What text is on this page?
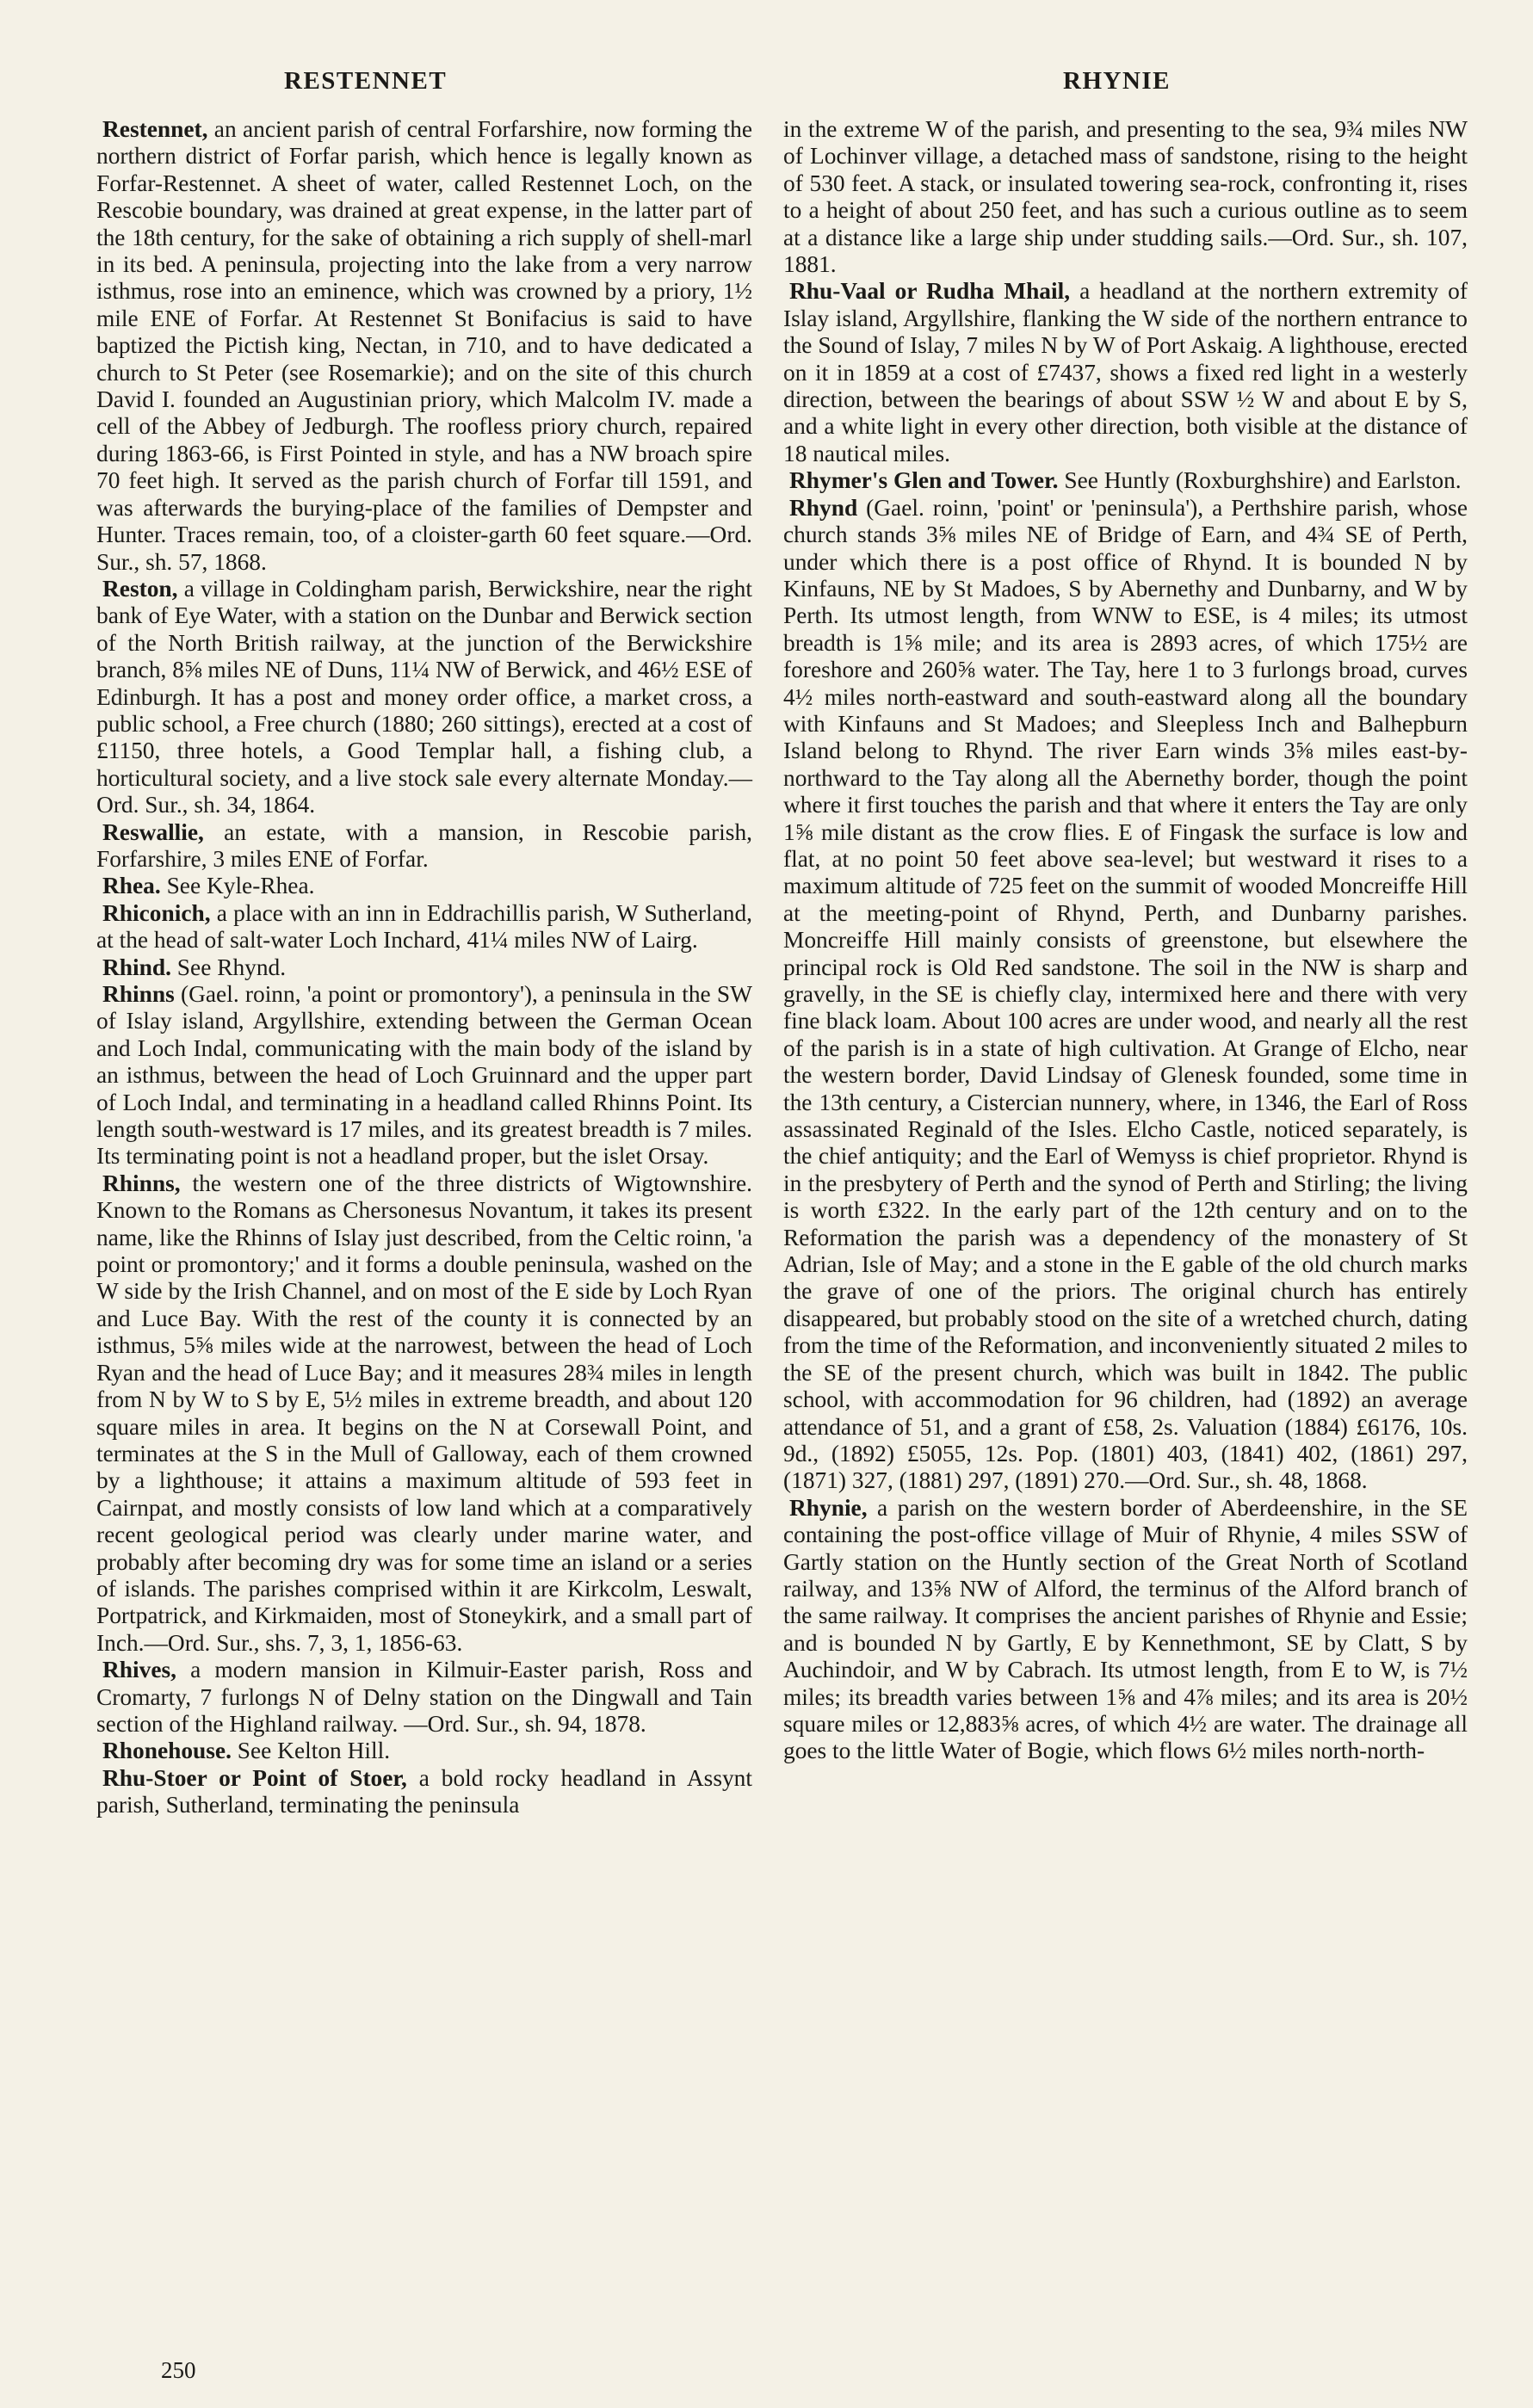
RESTENNET	RHYNIE

Restennet, an ancient parish of central Forfarshire, now forming the northern district of Forfar parish, which hence is legally known as Forfar-Restennet. A sheet of water, called Restennet Loch, on the Rescobie boundary, was drained at great expense, in the latter part of the 18th century, for the sake of obtaining a rich supply of shell-marl in its bed. A peninsula, projecting into the lake from a very narrow isthmus, rose into an eminence, which was crowned by a priory, 1½ mile ENE of Forfar. At Restennet St Bonifacius is said to have baptized the Pictish king, Nectan, in 710, and to have dedicated a church to St Peter (see Rosemarkie); and on the site of this church David I. founded an Augustinian priory, which Malcolm IV. made a cell of the Abbey of Jedburgh. The roofless priory church, repaired during 1863-66, is First Pointed in style, and has a NW broach spire 70 feet high. It served as the parish church of Forfar till 1591, and was afterwards the burying-place of the families of Dempster and Hunter. Traces remain, too, of a cloister-garth 60 feet square.—Ord. Sur., sh. 57, 1868.

Reston, a village in Coldingham parish, Berwickshire, near the right bank of Eye Water, with a station on the Dunbar and Berwick section of the North British railway, at the junction of the Berwickshire branch, 8⅝ miles NE of Duns, 11¼ NW of Berwick, and 46½ ESE of Edinburgh. It has a post and money order office, a market cross, a public school, a Free church (1880; 260 sittings), erected at a cost of £1150, three hotels, a Good Templar hall, a fishing club, a horticultural society, and a live stock sale every alternate Monday.—Ord. Sur., sh. 34, 1864.

Reswallie, an estate, with a mansion, in Rescobie parish, Forfarshire, 3 miles ENE of Forfar.

Rhea. See Kyle-Rhea.

Rhiconich, a place with an inn in Eddrachillis parish, W Sutherland, at the head of salt-water Loch Inchard, 41¼ miles NW of Lairg.

Rhind. See Rhynd.

Rhinns (Gael. roinn, 'a point or promontory'), a peninsula in the SW of Islay island, Argyllshire, extending between the German Ocean and Loch Indal, communicating with the main body of the island by an isthmus, between the head of Loch Gruinnard and the upper part of Loch Indal, and terminating in a headland called Rhinns Point. Its length south-westward is 17 miles, and its greatest breadth is 7 miles. Its terminating point is not a headland proper, but the islet Orsay.

Rhinns, the western one of the three districts of Wigtownshire. Known to the Romans as Chersonesus Novantum, it takes its present name, like the Rhinns of Islay just described, from the Celtic roinn, 'a point or promontory;' and it forms a double peninsula, washed on the W side by the Irish Channel, and on most of the E side by Loch Ryan and Luce Bay. With the rest of the county it is connected by an isthmus, 5⅝ miles wide at the narrowest, between the head of Loch Ryan and the head of Luce Bay; and it measures 28¾ miles in length from N by W to S by E, 5½ miles in extreme breadth, and about 120 square miles in area. It begins on the N at Corsewall Point, and terminates at the S in the Mull of Galloway, each of them crowned by a lighthouse; it attains a maximum altitude of 593 feet in Cairnpat, and mostly consists of low land which at a comparatively recent geological period was clearly under marine water, and probably after becoming dry was for some time an island or a series of islands. The parishes comprised within it are Kirkcolm, Leswalt, Portpatrick, and Kirkmaiden, most of Stoneykirk, and a small part of Inch.—Ord. Sur., shs. 7, 3, 1, 1856-63.

Rhives, a modern mansion in Kilmuir-Easter parish, Ross and Cromarty, 7 furlongs N of Delny station on the Dingwall and Tain section of the Highland railway. —Ord. Sur., sh. 94, 1878.

Rhonehouse. See Kelton Hill.

Rhu-Stoer or Point of Stoer, a bold rocky headland in Assynt parish, Sutherland, terminating the peninsula

in the extreme W of the parish, and presenting to the sea, 9¾ miles NW of Lochinver village, a detached mass of sandstone, rising to the height of 530 feet. A stack, or insulated towering sea-rock, confronting it, rises to a height of about 250 feet, and has such a curious outline as to seem at a distance like a large ship under studding sails.—Ord. Sur., sh. 107, 1881.

Rhu-Vaal or Rudha Mhail, a headland at the northern extremity of Islay island, Argyllshire, flanking the W side of the northern entrance to the Sound of Islay, 7 miles N by W of Port Askaig. A lighthouse, erected on it in 1859 at a cost of £7437, shows a fixed red light in a westerly direction, between the bearings of about SSW ½ W and about E by S, and a white light in every other direction, both visible at the distance of 18 nautical miles.

Rhymer's Glen and Tower. See Huntly (Roxburghshire) and Earlston.

Rhynd (Gael. roinn, 'point' or 'peninsula'), a Perthshire parish, whose church stands 3⅝ miles NE of Bridge of Earn, and 4¾ SE of Perth, under which there is a post office of Rhynd. It is bounded N by Kinfauns, NE by St Madoes, S by Abernethy and Dunbarny, and W by Perth. Its utmost length, from WNW to ESE, is 4 miles; its utmost breadth is 1⅝ mile; and its area is 2893 acres, of which 175½ are foreshore and 260⅝ water. The Tay, here 1 to 3 furlongs broad, curves 4½ miles north-eastward and south-eastward along all the boundary with Kinfauns and St Madoes; and Sleepless Inch and Balhepburn Island belong to Rhynd. The river Earn winds 3⅝ miles east-by-northward to the Tay along all the Abernethy border, though the point where it first touches the parish and that where it enters the Tay are only 1⅝ mile distant as the crow flies. E of Fingask the surface is low and flat, at no point 50 feet above sea-level; but westward it rises to a maximum altitude of 725 feet on the summit of wooded Moncreiffe Hill at the meeting-point of Rhynd, Perth, and Dunbarny parishes. Moncreiffe Hill mainly consists of greenstone, but elsewhere the principal rock is Old Red sandstone. The soil in the NW is sharp and gravelly, in the SE is chiefly clay, intermixed here and there with very fine black loam. About 100 acres are under wood, and nearly all the rest of the parish is in a state of high cultivation. At Grange of Elcho, near the western border, David Lindsay of Glenesk founded, some time in the 13th century, a Cistercian nunnery, where, in 1346, the Earl of Ross assassinated Reginald of the Isles. Elcho Castle, noticed separately, is the chief antiquity; and the Earl of Wemyss is chief proprietor. Rhynd is in the presbytery of Perth and the synod of Perth and Stirling; the living is worth £322. In the early part of the 12th century and on to the Reformation the parish was a dependency of the monastery of St Adrian, Isle of May; and a stone in the E gable of the old church marks the grave of one of the priors. The original church has entirely disappeared, but probably stood on the site of a wretched church, dating from the time of the Reformation, and inconveniently situated 2 miles to the SE of the present church, which was built in 1842. The public school, with accommodation for 96 children, had (1892) an average attendance of 51, and a grant of £58, 2s. Valuation (1884) £6176, 10s. 9d., (1892) £5055, 12s. Pop. (1801) 403, (1841) 402, (1861) 297, (1871) 327, (1881) 297, (1891) 270.—Ord. Sur., sh. 48, 1868.

Rhynie, a parish on the western border of Aberdeenshire, in the SE containing the post-office village of Muir of Rhynie, 4 miles SSW of Gartly station on the Huntly section of the Great North of Scotland railway, and 13⅝ NW of Alford, the terminus of the Alford branch of the same railway. It comprises the ancient parishes of Rhynie and Essie; and is bounded N by Gartly, E by Kennethmont, SE by Clatt, S by Auchindoir, and W by Cabrach. Its utmost length, from E to W, is 7½ miles; its breadth varies between 1⅝ and 4⅞ miles; and its area is 20½ square miles or 12,883⅝ acres, of which 4½ are water. The drainage all goes to the little Water of Bogie, which flows 6½ miles north-north-

250
